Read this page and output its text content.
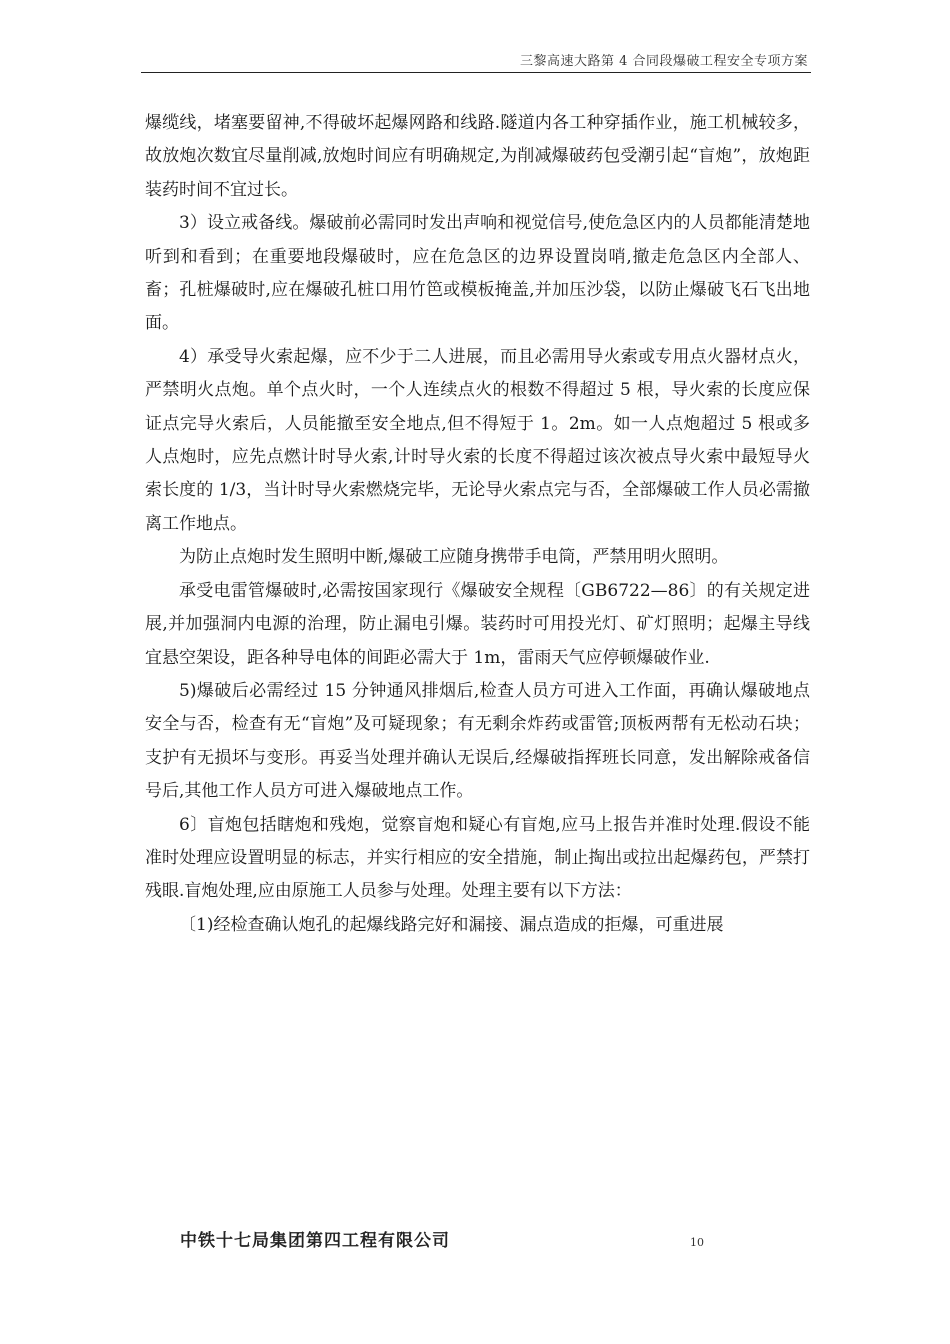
三黎高速大路第 4 合同段爆破工程安全专项方案

爆缆线，堵塞要留神,不得破坏起爆网路和线路.隧道内各工种穿插作业，施工机械较多，故放炮次数宜尽量削减,放炮时间应有明确规定,为削减爆破药包受潮引起“盲炮”，放炮距装药时间不宜过长。

3）设立戒备线。爆破前必需同时发出声响和视觉信号,使危急区内的人员都能清楚地听到和看到；在重要地段爆破时，应在危急区的边界设置岗哨,撤走危急区内全部人、畜；孔桩爆破时,应在爆破孔桩口用竹笆或模板掩盖,并加压沙袋，以防止爆破飞石飞出地面。

4）承受导火索起爆，应不少于二人进展，而且必需用导火索或专用点火器材点火，严禁明火点炮。单个点火时，一个人连续点火的根数不得超过 5 根，导火索的长度应保证点完导火索后，人员能撤至安全地点,但不得短于 1。2m。如一人点炮超过 5 根或多人点炮时，应先点燃计时导火索,计时导火索的长度不得超过该次被点导火索中最短导火索长度的 1/3，当计时导火索燃烧完毕，无论导火索点完与否，全部爆破工作人员必需撤离工作地点。

为防止点炮时发生照明中断,爆破工应随身携带手电筒，严禁用明火照明。

承受电雷管爆破时,必需按国家现行《爆破安全规程〔GB6722—86〕的有关规定进展,并加强洞内电源的治理，防止漏电引爆。装药时可用投光灯、矿灯照明；起爆主导线宜悬空架设，距各种导电体的间距必需大于 1m，雷雨天气应停顿爆破作业.

5)爆破后必需经过 15 分钟通风排烟后,检查人员方可进入工作面，再确认爆破地点安全与否，检查有无“盲炮”及可疑现象；有无剩余炸药或雷管;顶板两帮有无松动石块；支护有无损坏与变形。再妥当处理并确认无误后,经爆破指挥班长同意，发出解除戒备信号后,其他工作人员方可进入爆破地点工作。

6〕盲炮包括瞎炮和残炮，觉察盲炮和疑心有盲炮,应马上报告并准时处理.假设不能准时处理应设置明显的标志，并实行相应的安全措施，制止掏出或拉出起爆药包，严禁打残眼.盲炮处理,应由原施工人员参与处理。处理主要有以下方法：

〔1)经检查确认炮孔的起爆线路完好和漏接、漏点造成的拒爆，可重进展

中铁十七局集团第四工程有限公司	10
